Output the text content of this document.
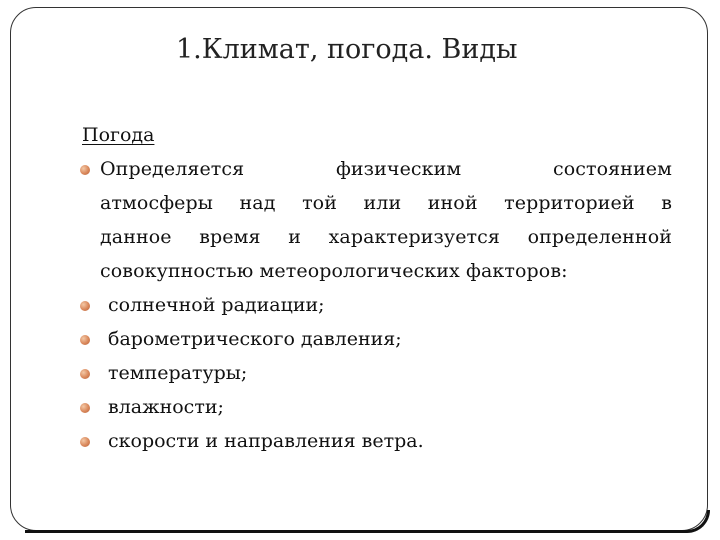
1.Климат, погода. Виды
Погода
Определяется физическим состоянием
атмосферы над той или иной территорией в
данное время и характеризуется определенной
совокупностью метеорологических факторов:
солнечной радиации;
барометрического давления;
температуры;
влажности;
скорости и направления ветра.
